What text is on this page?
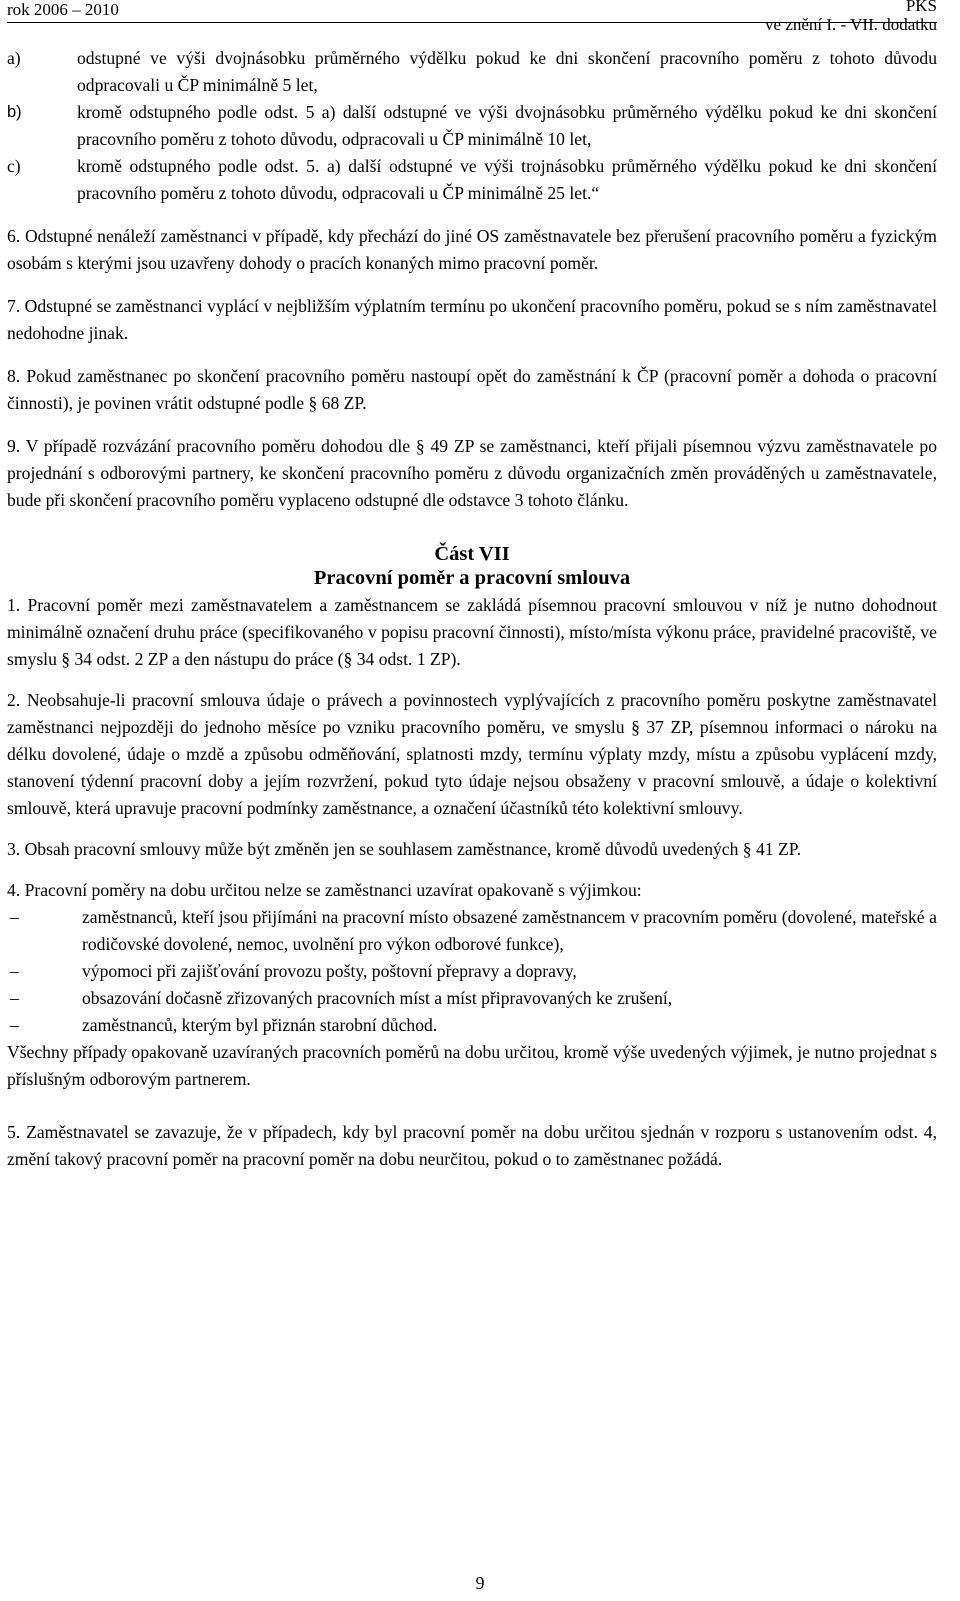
rok 2006 – 2010	PKS
ve znění I. - VII. dodatku
a)	odstupné ve výši dvojnásobku průměrného výdělku pokud ke dni skončení pracovního poměru z tohoto důvodu odpracovali u ČP minimálně 5 let,
b)	kromě odstupného podle odst. 5 a) další odstupné ve výši dvojnásobku průměrného výdělku pokud ke dni skončení pracovního poměru z tohoto důvodu, odpracovali u ČP minimálně 10 let,
c)	kromě odstupného podle odst. 5. a) další odstupné ve výši trojnásobku průměrného výdělku pokud ke dni skončení pracovního poměru z tohoto důvodu, odpracovali u ČP minimálně 25 let.“

6. Odstupné nenáleží zaměstnanci v případě, kdy přechází do jiné OS zaměstnavatele bez přerušení pracovního poměru a fyzickým osobám s kterými jsou uzavřeny dohody o pracích konaných mimo pracovní poměr.

7. Odstupné se zaměstnanci vyplácí v nejbližším výplatním termínu po ukončení pracovního poměru, pokud se s ním zaměstnavatel nedohodne jinak.

8. Pokud zaměstnanec po skončení pracovního poměru nastoupí opět do zaměstnání k ČP (pracovní poměr a dohoda o pracovní činnosti), je povinen vrátit odstupné podle § 68 ZP.

9. V případě rozvázání pracovního poměru dohodou dle § 49 ZP se zaměstnanci, kteří přijali písemnou výzvu zaměstnavatele po projednání s odborovými partnery, ke skončení pracovního poměru z důvodu organizačních změn prováděných u zaměstnavatele, bude při skončení pracovního poměru vyplaceno odstupné dle odstavce 3 tohoto článku.

Část VII
Pracovní poměr a pracovní smlouva

1. Pracovní poměr mezi zaměstnavatelem a zaměstnancem se zakládá písemnou pracovní smlouvou v níž je nutno dohodnout minimálně označení druhu práce (specifikovaného v popisu pracovní činnosti), místo/místa výkonu práce, pravidelné pracoviště, ve smyslu § 34 odst. 2 ZP a den nástupu do práce (§ 34 odst. 1 ZP).

2. Neobsahuje-li pracovní smlouva údaje o právech a povinnostech vyplývajících z pracovního poměru poskytne zaměstnavatel zaměstnanci nejpozději do jednoho měsíce po vzniku pracovního poměru, ve smyslu § 37 ZP, písemnou informaci o nároku na délku dovolené, údaje o mzdě a způsobu odměňování, splatnosti mzdy, termínu výplaty mzdy, místu a způsobu vyplácení mzdy, stanovení týdenní pracovní doby a jejím rozvržení, pokud tyto údaje nejsou obsaženy v pracovní smlouvě, a údaje o kolektivní smlouvě, která upravuje pracovní podmínky zaměstnance, a označení účastníků této kolektivní smlouvy.

3. Obsah pracovní smlouvy může být změněn jen se souhlasem zaměstnance, kromě důvodů uvedených § 41 ZP.

4. Pracovní poměry na dobu určitou nelze se zaměstnanci uzavírat opakovaně s výjimkou:

–	zaměstnanců, kteří jsou přijímáni na pracovní místo obsazené zaměstnancem v pracovním poměru (dovolené, mateřské a rodičovské dovolené, nemoc, uvolnění pro výkon odborové funkce),
–	výpomoci při zajišťování provozu pošty, poštovní přepravy a dopravy,
–	obsazování dočasně zřizovaných pracovních míst a míst připravovaných ke zrušení,
–	zaměstnanců, kterým byl přiznán starobní důchod.

Všechny případy opakovaně uzavíraných pracovních poměrů na dobu určitou, kromě výše uvedených výjimek, je nutno projednat s příslušným odborovým partnerem.

5. Zaměstnavatel se zavazuje, že v případech, kdy byl pracovní poměr na dobu určitou sjednán v rozporu s ustanovením odst. 4, změní takový pracovní poměr na pracovní poměr na dobu neurčitou, pokud o to zaměstnanec požádá.

9
